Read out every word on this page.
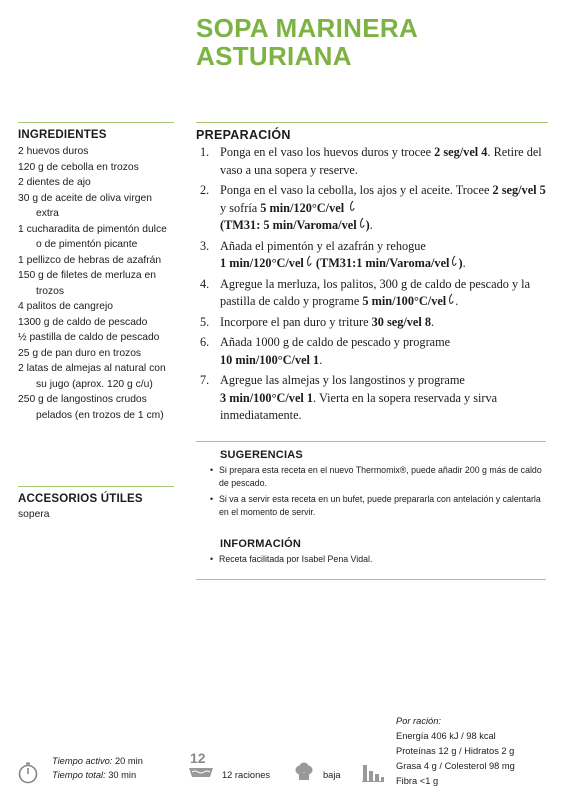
SOPA MARINERA
ASTURIANA
INGREDIENTES
2 huevos duros
120 g de cebolla en trozos
2 dientes de ajo
30 g de aceite de oliva virgen extra
1 cucharadita de pimentón dulce o de pimentón picante
1 pellizco de hebras de azafrán
150 g de filetes de merluza en trozos
4 palitos de cangrejo
1300 g de caldo de pescado
½ pastilla de caldo de pescado
25 g de pan duro en trozos
2 latas de almejas al natural con su jugo (aprox. 120 g c/u)
250 g de langostinos crudos pelados (en trozos de 1 cm)
ACCESORIOS ÚTILES
sopera
PREPARACIÓN
1. Ponga en el vaso los huevos duros y trocee 2 seg/vel 4. Retire del vaso a una sopera y reserve.
2. Ponga en el vaso la cebolla, los ajos y el aceite. Trocee 2 seg/vel 5 y sofría 5 min/120°C/vel
(TM31: 5 min/Varoma/vel ).
3. Añada el pimentón y el azafrán y rehogue
1 min/120°C/vel (TM31:1 min/Varoma/vel ).
4. Agregue la merluza, los palitos, 300 g de caldo de pescado y la pastilla de caldo y programe 5 min/100°C/vel .
5. Incorpore el pan duro y triture 30 seg/vel 8.
6. Añada 1000 g de caldo de pescado y programe
10 min/100°C/vel 1.
7. Agregue las almejas y los langostinos y programe
3 min/100°C/vel 1. Vierta en la sopera reservada y sirva inmediatamente.
SUGERENCIAS
• Si prepara esta receta en el nuevo Thermomix®, puede añadir 200 g más de caldo de pescado.
• Si va a servir esta receta en un bufet, puede prepararla con antelación y calentarla en el momento de servir.
INFORMACIÓN
• Receta facilitada por Isabel Pena Vidal.
Tiempo activo: 20 min
Tiempo total: 30 min
12
12 raciones	baja
Por ración:
Energía 406 kJ / 98 kcal
Proteínas 12 g / Hidratos 2 g
Grasa 4 g / Colesterol 98 mg
Fibra <1 g
